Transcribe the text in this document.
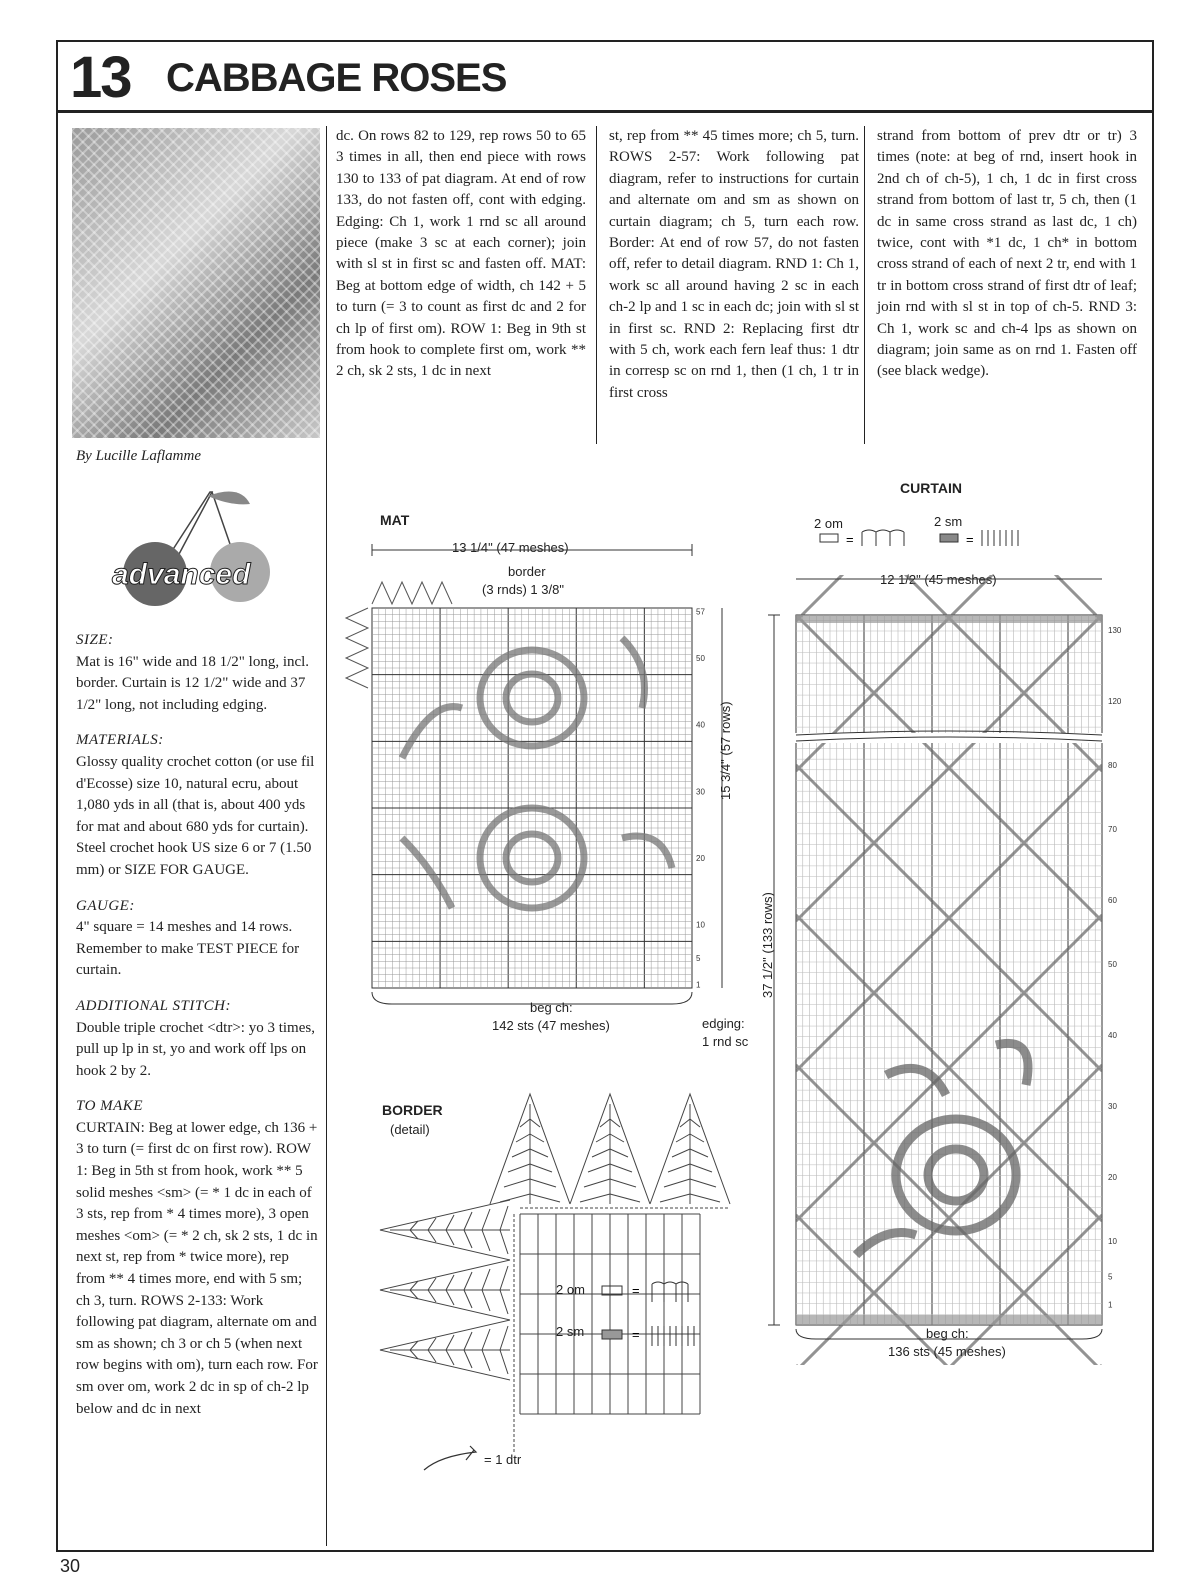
13 CABBAGE ROSES
By Lucille Laflamme
advanced

SIZE:
Mat is 16" wide and 18 1/2" long, incl. border. Curtain is 12 1/2" wide and 37 1/2" long, not including edging.

MATERIALS:
Glossy quality crochet cotton (or use fil d'Ecosse) size 10, natural ecru, about 1,080 yds in all (that is, about 400 yds for mat and about 680 yds for curtain). Steel crochet hook US size 6 or 7 (1.50 mm) or SIZE FOR GAUGE.

GAUGE:
4" square = 14 meshes and 14 rows. Remember to make TEST PIECE for curtain.

ADDITIONAL STITCH:
Double triple crochet <dtr>: yo 3 times, pull up lp in st, yo and work off lps on hook 2 by 2.

TO MAKE
CURTAIN: Beg at lower edge, ch 136 + 3 to turn (= first dc on first row). ROW 1: Beg in 5th st from hook, work ** 5 solid meshes <sm> (= * 1 dc in each of 3 sts, rep from * 4 times more), 3 open meshes <om> (= * 2 ch, sk 2 sts, 1 dc in next st, rep from * twice more), rep from ** 4 times more, end with 5 sm; ch 3, turn. ROWS 2-133: Work following pat diagram, alternate om and sm as shown; ch 3 or ch 5 (when next row begins with om), turn each row. For sm over om, work 2 dc in sp of ch-2 lp below and dc in next

dc. On rows 82 to 129, rep rows 50 to 65 3 times in all, then end piece with rows 130 to 133 of pat diagram. At end of row 133, do not fasten off, cont with edging. Edging: Ch 1, work 1 rnd sc all around piece (make 3 sc at each corner); join with sl st in first sc and fasten off. MAT: Beg at bottom edge of width, ch 142 + 5 to turn (= 3 to count as first dc and 2 for ch lp of first om). ROW 1: Beg in 9th st from hook to complete first om, work ** 2 ch, sk 2 sts, 1 dc in next
st, rep from ** 45 times more; ch 5, turn. ROWS 2-57: Work following pat diagram, refer to instructions for curtain and alternate om and sm as shown on curtain diagram; ch 5, turn each row. Border: At end of row 57, do not fasten off, refer to detail diagram. RND 1: Ch 1, work sc all around having 2 sc in each ch-2 lp and 1 sc in each dc; join with sl st in first sc. RND 2: Replacing first dtr with 5 ch, work each fern leaf thus: 1 dtr in corresp sc on rnd 1, then (1 ch, 1 tr in first cross
strand from bottom of prev dtr or tr) 3 times (note: at beg of rnd, insert hook in 2nd ch of ch-5), 1 ch, 1 dc in first cross strand from bottom of last tr, 5 ch, then (1 dc in same cross strand as last dc, 1 ch) twice, cont with *1 dc, 1 ch* in bottom cross strand of each of next 2 tr, end with 1 tr in bottom cross strand of first dtr of leaf; join rnd with sl st in top of ch-5. RND 3: Ch 1, work sc and ch-4 lps as shown on diagram; join same as on rnd 1. Fasten off (see black wedge).
MAT
13 1/4" (47 meshes)
border
(3 rnds) 1 3/8"
57
50
40
30
20
10
5
1
beg ch:
142 sts (47 meshes)	edging:
1 rnd sc
15 3/4" (57 rows)
CURTAIN
2 om	2 sm
=	=
12 1/2" (45 meshes)
130
120
80
70
60
50
40
30
20
10
5
1
beg ch:
136 sts (45 meshes)
37 1/2" (133 rows)
BORDER
(detail)
=
=
2 om
2 sm
= 1 dtr
30
